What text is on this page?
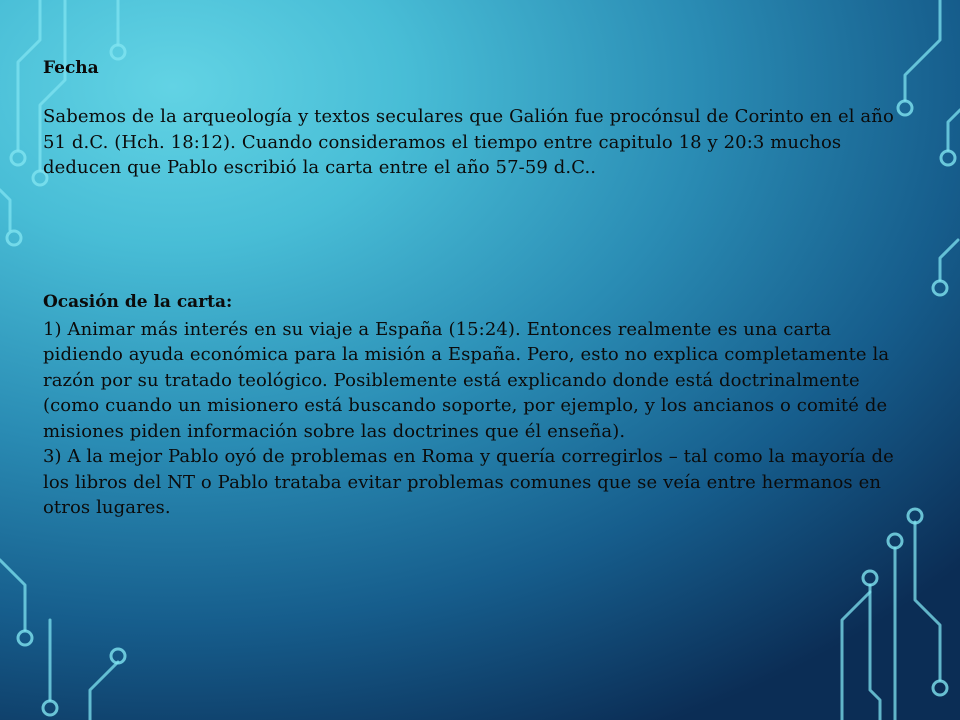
Fecha

Sabemos de la arqueología y textos seculares que Galión fue procónsul de Corinto en el año 51 d.C. (Hch. 18:12). Cuando consideramos el tiempo entre capitulo 18 y 20:3 muchos deducen que Pablo escribió la carta entre el año 57-59 d.C..

Ocasión de la carta:

1) Animar más interés en su viaje a España (15:24). Entonces realmente es una carta pidiendo ayuda económica para la misión a España. Pero, esto no explica completamente la razón por su tratado teológico. Posiblemente está explicando donde está doctrinalmente (como cuando un misionero está buscando soporte, por ejemplo, y los ancianos o comité de misiones piden información sobre las doctrines que él enseña).

3) A la mejor Pablo oyó de problemas en Roma y quería corregirlos – tal como la mayoría de los libros del NT o Pablo trataba evitar problemas comunes que se veía entre hermanos en otros lugares.
